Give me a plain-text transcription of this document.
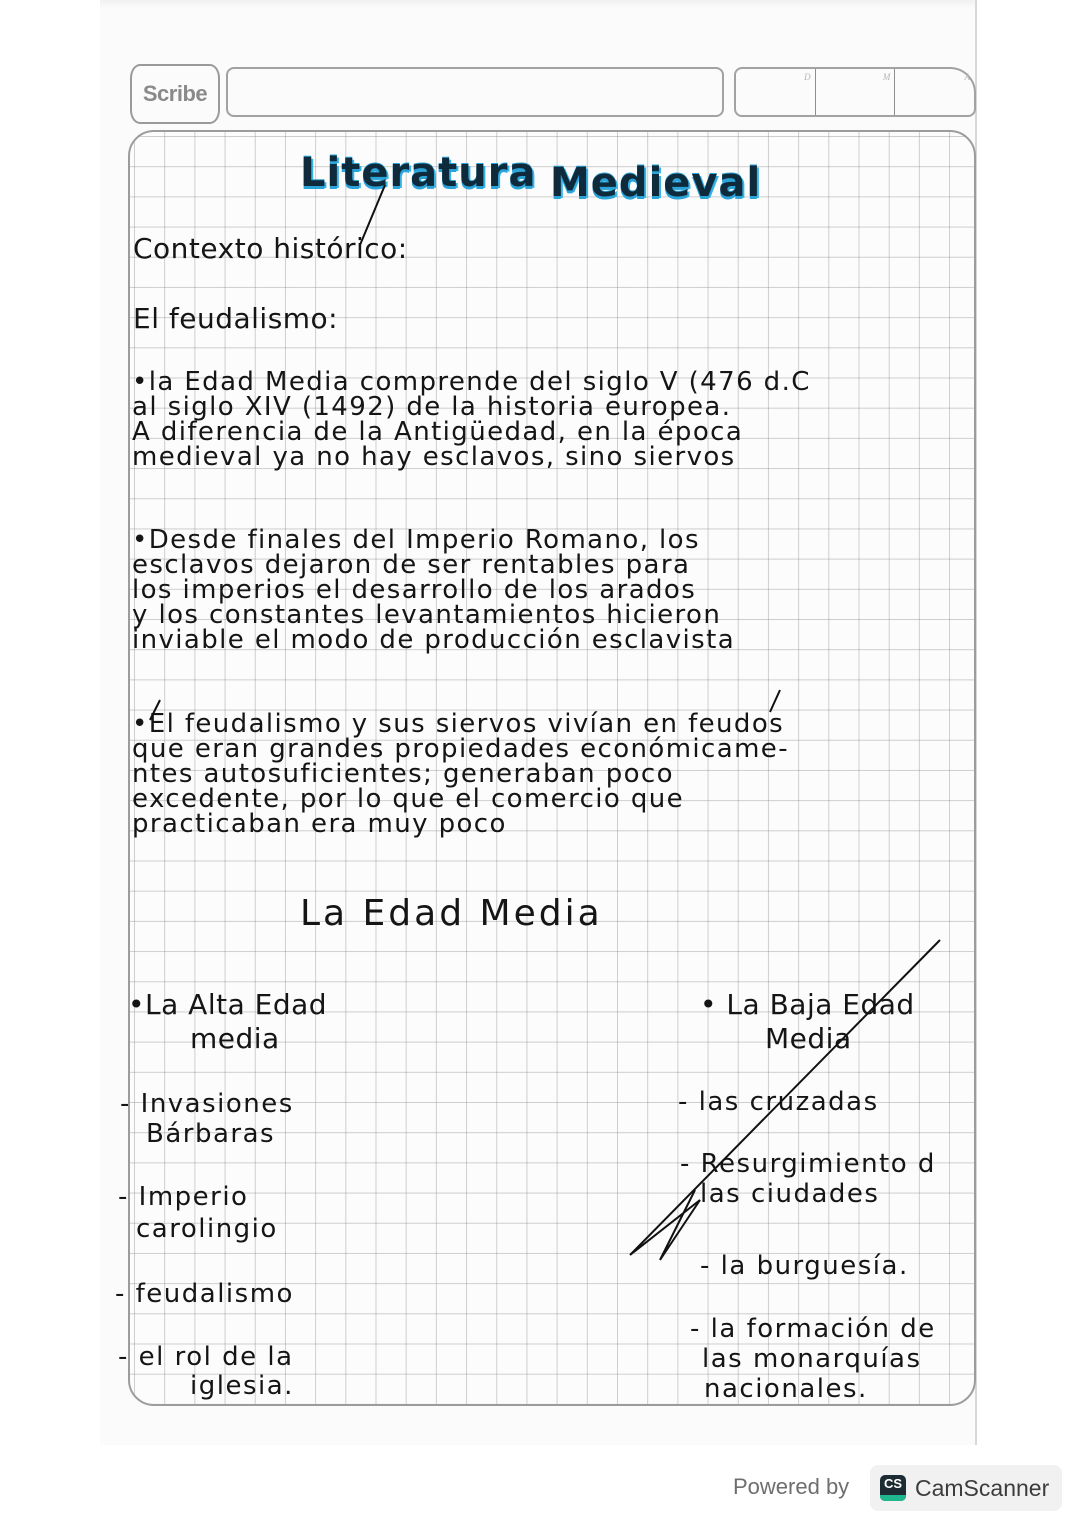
Scribe
D	M	A
Literatura Medieval
Contexto histórico:
El feudalismo:
•la Edad Media comprende del siglo V (476 d.C
al siglo XIV (1492) de la historia europea.
A diferencia de la Antigüedad, en la época
medieval ya no hay esclavos, sino siervos
•Desde finales del Imperio Romano, los
esclavos dejaron de ser rentables para
los imperios el desarrollo de los arados
y los constantes levantamientos hicieron
inviable el modo de producción esclavista
•El feudalismo y sus siervos vivían en feudos
que eran grandes propiedades económicame-
ntes autosuficientes; generaban poco
excedente, por lo que el comercio que
practicaban era muy poco
La Edad Media
•La Alta Edad
media
- Invasiones
Bárbaras
- Imperio
carolingio
- feudalismo
- el rol de la
iglesia.
• La Baja Edad
Media
- las cruzadas
- Resurgimiento d
las ciudades
- la burguesía.
- la formación de
las monarquías
nacionales.
Powered by	CS CamScanner
